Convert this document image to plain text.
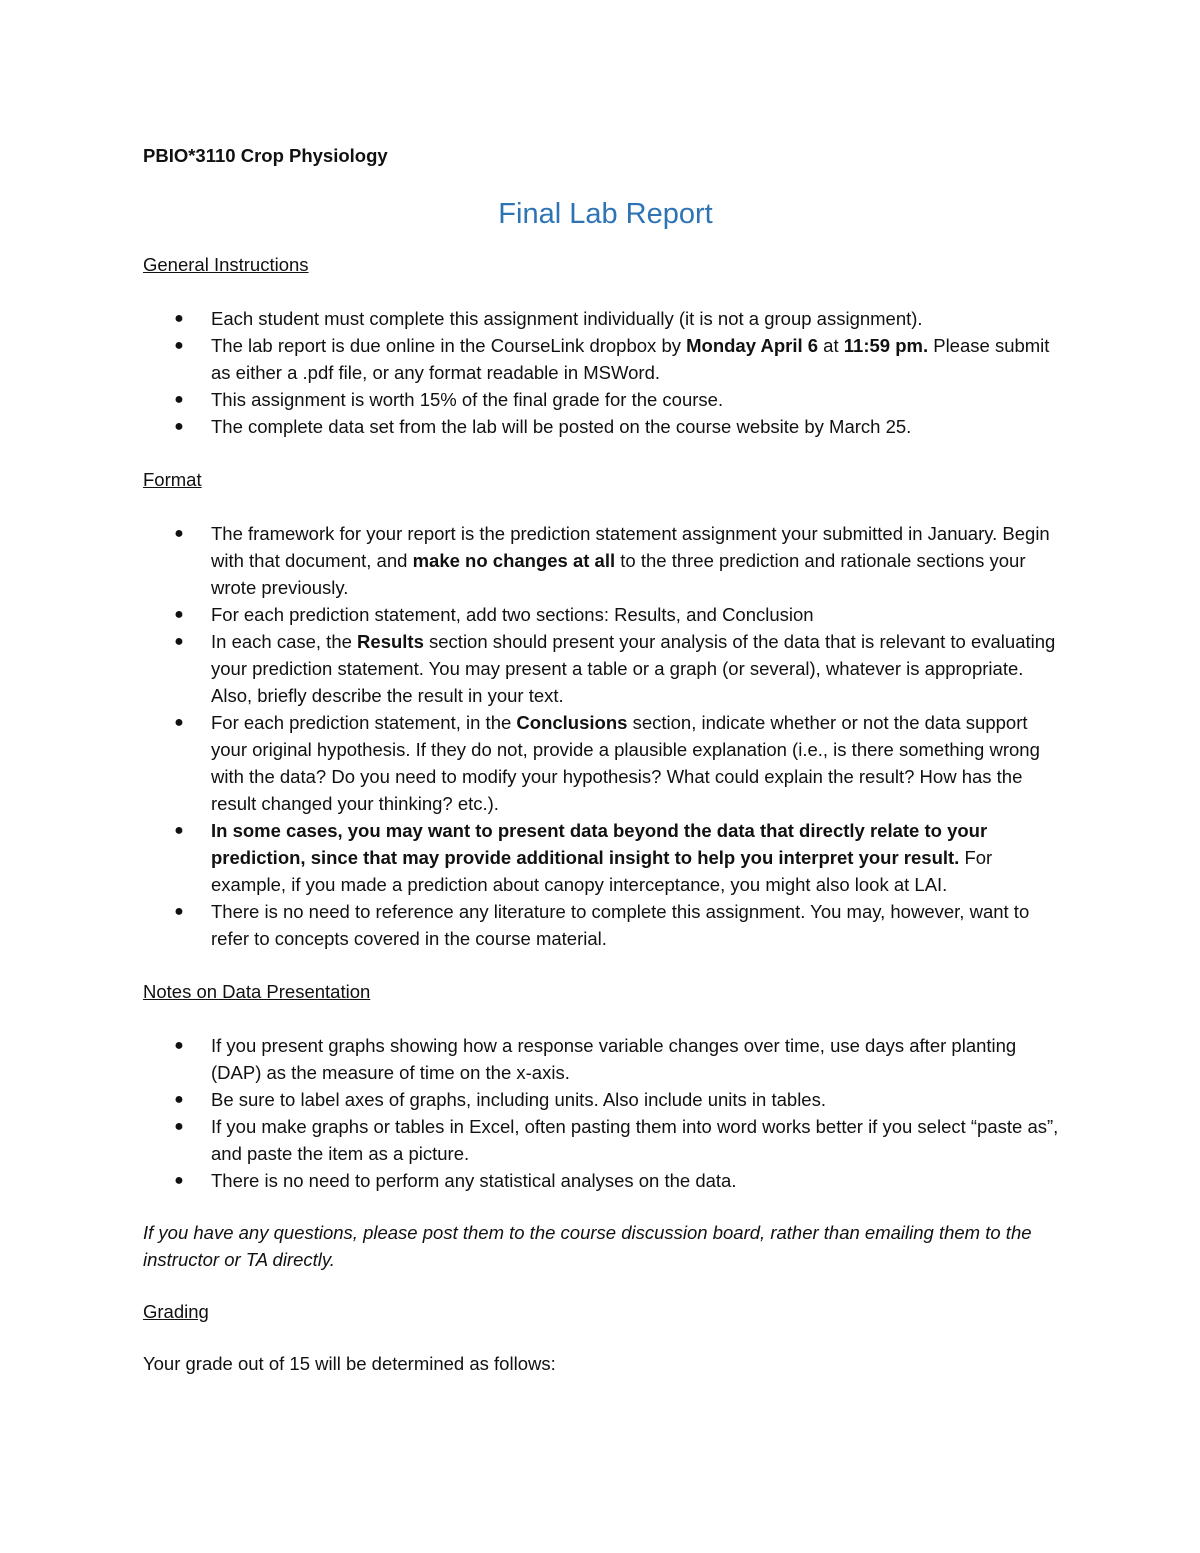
PBIO*3110 Crop Physiology

Final Lab Report

General Instructions

● Each student must complete this assignment individually (it is not a group assignment).
● The lab report is due online in the CourseLink dropbox by Monday April 6 at 11:59 pm. Please submit as either a .pdf file, or any format readable in MSWord.
● This assignment is worth 15% of the final grade for the course.
● The complete data set from the lab will be posted on the course website by March 25.

Format

● The framework for your report is the prediction statement assignment your submitted in January. Begin with that document, and make no changes at all to the three prediction and rationale sections your wrote previously.
● For each prediction statement, add two sections: Results, and Conclusion
● In each case, the Results section should present your analysis of the data that is relevant to evaluating your prediction statement. You may present a table or a graph (or several), whatever is appropriate. Also, briefly describe the result in your text.
● For each prediction statement, in the Conclusions section, indicate whether or not the data support your original hypothesis. If they do not, provide a plausible explanation (i.e., is there something wrong with the data? Do you need to modify your hypothesis? What could explain the result? How has the result changed your thinking? etc.).
● In some cases, you may want to present data beyond the data that directly relate to your prediction, since that may provide additional insight to help you interpret your result. For example, if you made a prediction about canopy interceptance, you might also look at LAI.
● There is no need to reference any literature to complete this assignment. You may, however, want to refer to concepts covered in the course material.

Notes on Data Presentation

● If you present graphs showing how a response variable changes over time, use days after planting (DAP) as the measure of time on the x-axis.
● Be sure to label axes of graphs, including units. Also include units in tables.
● If you make graphs or tables in Excel, often pasting them into word works better if you select “paste as”, and paste the item as a picture.
● There is no need to perform any statistical analyses on the data.

If you have any questions, please post them to the course discussion board, rather than emailing them to the instructor or TA directly.

Grading

Your grade out of 15 will be determined as follows:
